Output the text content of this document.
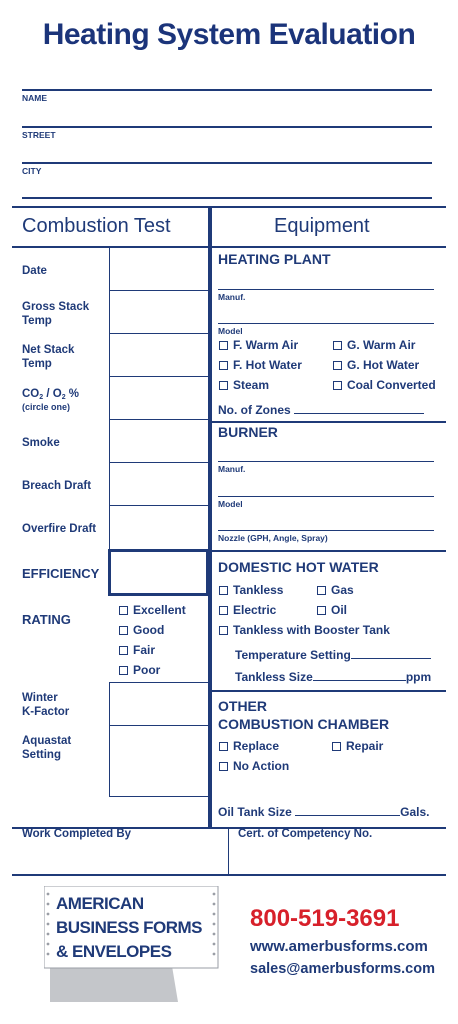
Heating System Evaluation
NAME
STREET
CITY
Combustion Test
Date
Gross Stack
Temp
Net Stack
Temp
$CO_2 / O_2$ %
(circle one)
Smoke
Breach Draft
Overfire Draft
EFFICIENCY
RATING
Excellent
Good
Fair
Poor
Winter
K-Factor
Aquastat
Setting
Equipment
HEATING PLANT
Manuf.
Model
F. Warm Air	G. Warm Air
F. Hot Water	G. Hot Water
Steam	Coal Converted
No. of Zones
BURNER
Manuf.
Model
Nozzle (GPH, Angle, Spray)
DOMESTIC HOT WATER
Tankless	Gas
Electric	Oil
Tankless with Booster Tank
Temperature Setting
Tankless Size	ppm
OTHER
COMBUSTION CHAMBER
Replace	Repair
No Action
Oil Tank Size	Gals.
Work Completed By	Cert. of Competency No.
AMERICAN
BUSINESS FORMS
& ENVELOPES
800-519-3691
www.amerbusforms.com
sales@amerbusforms.com
